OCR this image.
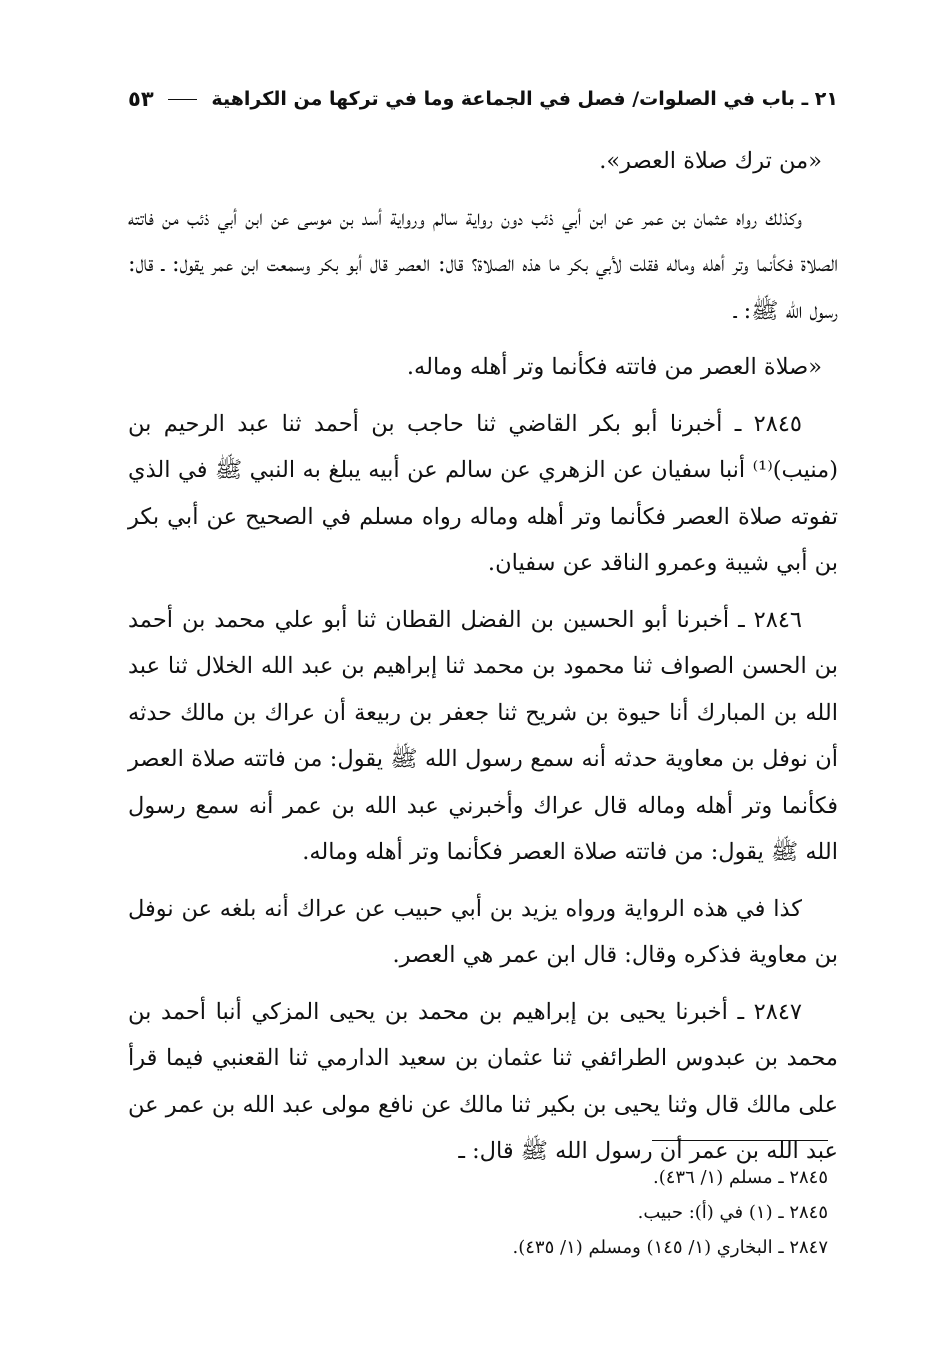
٢١ ـ باب في الصلوات/ فصل في الجماعة وما في تركها من الكراهية
٥٣

«من ترك صلاة العصر».

وكذلك رواه عثمان بن عمر عن ابن أبي ذئب دون رواية سالم ورواية أسد بن موسى عن ابن أبي ذئب من فاتته الصلاة فكأنما وتر أهله وماله فقلت لأبي بكر ما هذه الصلاة؟ قال: العصر قال أبو بكر وسمعت ابن عمر يقول: ـ قال: رسول الله ﷺ: ـ

«صلاة العصر من فاتته فكأنما وتر أهله وماله.

٢٨٤٥ ـ أخبرنا أبو بكر القاضي ثنا حاجب بن أحمد ثنا عبد الرحيم بن (منيب)⁽¹⁾ أنبا سفيان عن الزهري عن سالم عن أبيه يبلغ به النبي ﷺ في الذي تفوته صلاة العصر فكأنما وتر أهله وماله رواه مسلم في الصحيح عن أبي بكر بن أبي شيبة وعمرو الناقد عن سفيان.

٢٨٤٦ ـ أخبرنا أبو الحسين بن الفضل القطان ثنا أبو علي محمد بن أحمد بن الحسن الصواف ثنا محمود بن محمد ثنا إبراهيم بن عبد الله الخلال ثنا عبد الله بن المبارك أنا حيوة بن شريح ثنا جعفر بن ربيعة أن عراك بن مالك حدثه أن نوفل بن معاوية حدثه أنه سمع رسول الله ﷺ يقول: من فاتته صلاة العصر فكأنما وتر أهله وماله قال عراك وأخبرني عبد الله بن عمر أنه سمع رسول الله ﷺ يقول: من فاتته صلاة العصر فكأنما وتر أهله وماله.

كذا في هذه الرواية ورواه يزيد بن أبي حبيب عن عراك أنه بلغه عن نوفل بن معاوية فذكره وقال: قال ابن عمر هي العصر.

٢٨٤٧ ـ أخبرنا يحيى بن إبراهيم بن محمد بن يحيى المزكي أنبا أحمد بن محمد بن عبدوس الطرائفي ثنا عثمان بن سعيد الدارمي ثنا القعنبي فيما قرأ على مالك قال وثنا يحيى بن بكير ثنا مالك عن نافع مولى عبد الله بن عمر عن عبد الله بن عمر أن رسول الله ﷺ قال: ـ

٢٨٤٥ ـ مسلم (١/ ٤٣٦).
٢٨٤٥ ـ (١) في (أ): حبيب.
٢٨٤٧ ـ البخاري (١/ ١٤٥) ومسلم (١/ ٤٣٥).
